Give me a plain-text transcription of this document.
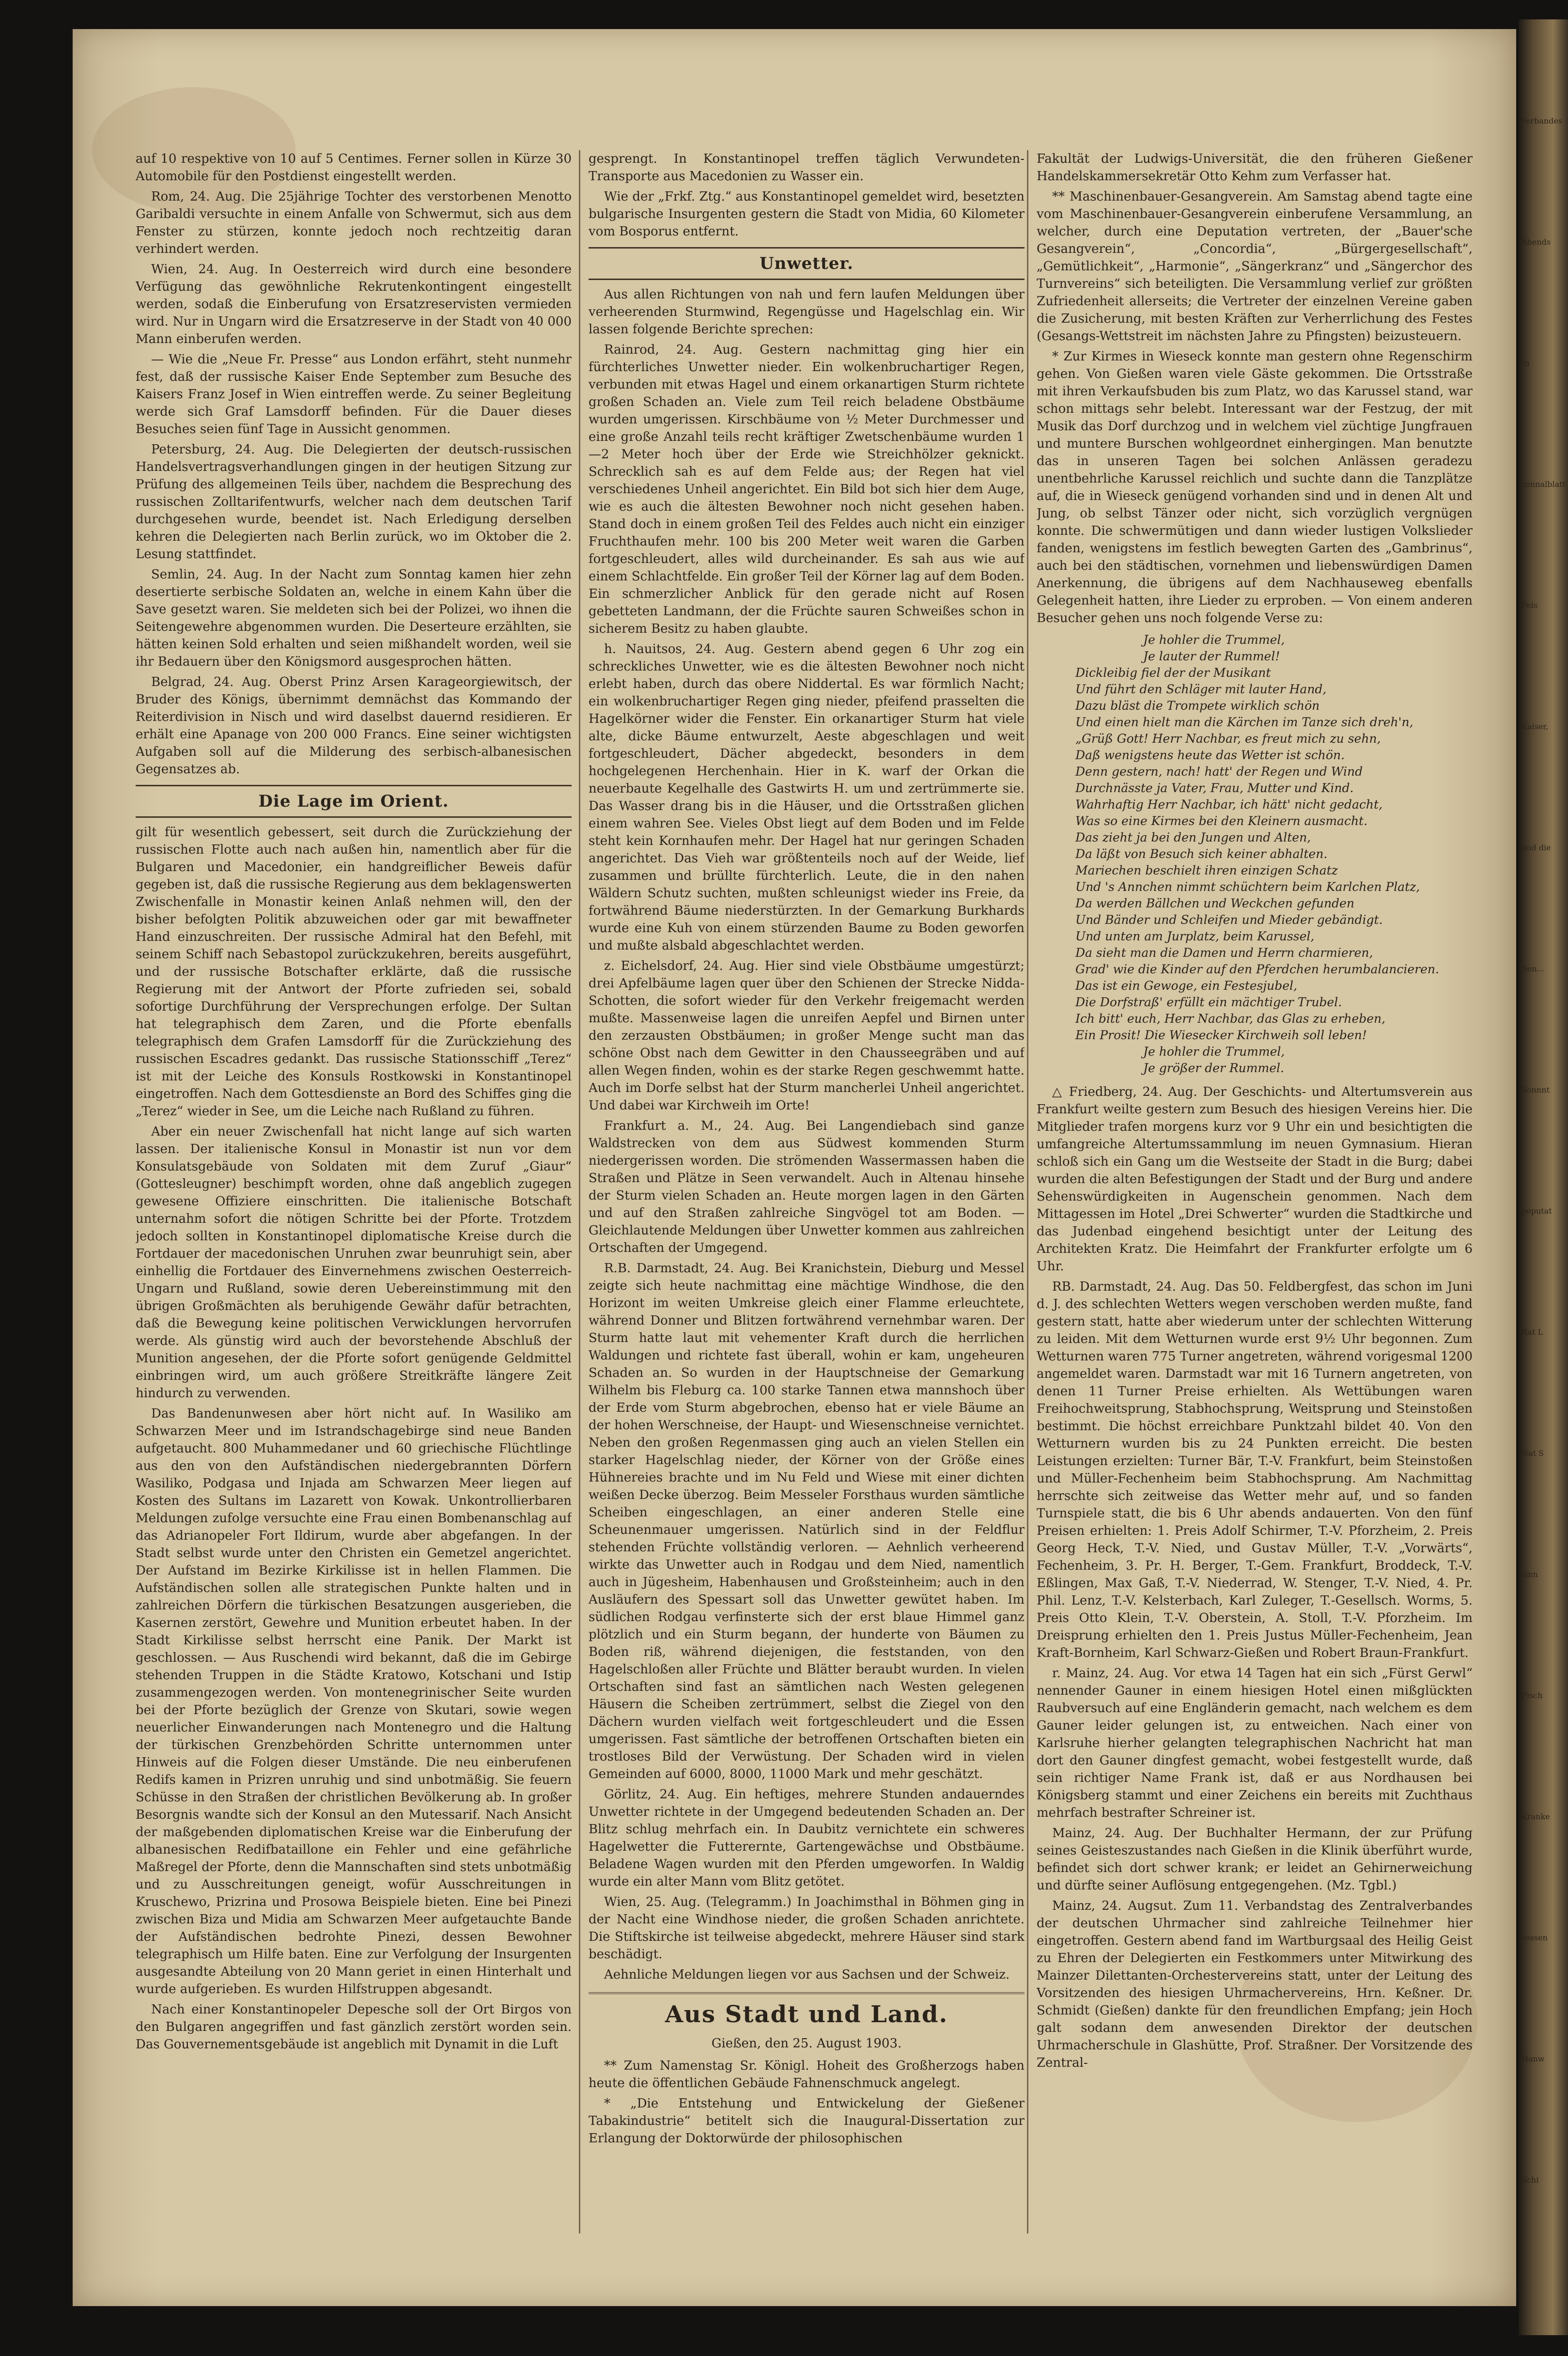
verbandes
Abends
In
zonnalblatt
Fels
Kaiser,
und die
Ben...
Sonnnt
peputat
Rat L
Nat S
sinn
Fisch
Kranke
sessen
Hanw
Schi

auf 10 respektive von 10 auf 5 Centimes. Ferner sollen in Kürze 30 Automobile für den Postdienst eingestellt werden.

Rom, 24. Aug. Die 25jährige Tochter des verstorbenen Menotto Garibaldi versuchte in einem Anfalle von Schwermut, sich aus dem Fenster zu stürzen, konnte jedoch noch rechtzeitig daran verhindert werden.

Wien, 24. Aug. In Oesterreich wird durch eine besondere Verfügung das gewöhnliche Rekrutenkontingent eingestellt werden, sodaß die Einberufung von Ersatzreservisten vermieden wird. Nur in Ungarn wird die Ersatzreserve in der Stadt von 40 000 Mann einberufen werden.

— Wie die „Neue Fr. Presse“ aus London erfährt, steht nunmehr fest, daß der russische Kaiser Ende September zum Besuche des Kaisers Franz Josef in Wien eintreffen werde. Zu seiner Begleitung werde sich Graf Lamsdorff befinden. Für die Dauer dieses Besuches seien fünf Tage in Aussicht genommen.

Petersburg, 24. Aug. Die Delegierten der deutsch-russischen Handelsvertragsverhandlungen gingen in der heutigen Sitzung zur Prüfung des allgemeinen Teils über, nachdem die Besprechung des russischen Zolltarifentwurfs, welcher nach dem deutschen Tarif durchgesehen wurde, beendet ist. Nach Erledigung derselben kehren die Delegierten nach Berlin zurück, wo im Oktober die 2. Lesung stattfindet.

Semlin, 24. Aug. In der Nacht zum Sonntag kamen hier zehn desertierte serbische Soldaten an, welche in einem Kahn über die Save gesetzt waren. Sie meldeten sich bei der Polizei, wo ihnen die Seitengewehre abgenommen wurden. Die Deserteure erzählten, sie hätten keinen Sold erhalten und seien mißhandelt worden, weil sie ihr Bedauern über den Königsmord ausgesprochen hätten.

Belgrad, 24. Aug. Oberst Prinz Arsen Karageorgiewitsch, der Bruder des Königs, übernimmt demnächst das Kommando der Reiterdivision in Nisch und wird daselbst dauernd residieren. Er erhält eine Apanage von 200 000 Francs. Eine seiner wichtigsten Aufgaben soll auf die Milderung des serbisch-albanesischen Gegensatzes ab.

Die Lage im Orient.

gilt für wesentlich gebessert, seit durch die Zurückziehung der russischen Flotte auch nach außen hin, namentlich aber für die Bulgaren und Macedonier, ein handgreiflicher Beweis dafür gegeben ist, daß die russische Regierung aus dem beklagenswerten Zwischenfalle in Monastir keinen Anlaß nehmen will, den der bisher befolgten Politik abzuweichen oder gar mit bewaffneter Hand einzuschreiten. Der russische Admiral hat den Befehl, mit seinem Schiff nach Sebastopol zurückzukehren, bereits ausgeführt, und der russische Botschafter erklärte, daß die russische Regierung mit der Antwort der Pforte zufrieden sei, sobald sofortige Durchführung der Versprechungen erfolge. Der Sultan hat telegraphisch dem Zaren, und die Pforte ebenfalls telegraphisch dem Grafen Lamsdorff für die Zurückziehung des russischen Escadres gedankt. Das russische Stationsschiff „Terez“ ist mit der Leiche des Konsuls Rostkowski in Konstantinopel eingetroffen. Nach dem Gottesdienste an Bord des Schiffes ging die „Terez“ wieder in See, um die Leiche nach Rußland zu führen.

Aber ein neuer Zwischenfall hat nicht lange auf sich warten lassen. Der italienische Konsul in Monastir ist nun vor dem Konsulatsgebäude von Soldaten mit dem Zuruf „Giaur“ (Gottesleugner) beschimpft worden, ohne daß angeblich zugegen gewesene Offiziere einschritten. Die italienische Botschaft unternahm sofort die nötigen Schritte bei der Pforte. Trotzdem jedoch sollten in Konstantinopel diplomatische Kreise durch die Fortdauer der macedonischen Unruhen zwar beunruhigt sein, aber einhellig die Fortdauer des Einvernehmens zwischen Oesterreich-Ungarn und Rußland, sowie deren Uebereinstimmung mit den übrigen Großmächten als beruhigende Gewähr dafür betrachten, daß die Bewegung keine politischen Verwicklungen hervorrufen werde. Als günstig wird auch der bevorstehende Abschluß der Munition angesehen, der die Pforte sofort genügende Geldmittel einbringen wird, um auch größere Streitkräfte längere Zeit hindurch zu verwenden.

Das Bandenunwesen aber hört nicht auf. In Wasiliko am Schwarzen Meer und im Istrandschagebirge sind neue Banden aufgetaucht. 800 Muhammedaner und 60 griechische Flüchtlinge aus den von den Aufständischen niedergebrannten Dörfern Wasiliko, Podgasa und Injada am Schwarzen Meer liegen auf Kosten des Sultans im Lazarett von Kowak. Unkontrollierbaren Meldungen zufolge versuchte eine Frau einen Bombenanschlag auf das Adrianopeler Fort Ildirum, wurde aber abgefangen. In der Stadt selbst wurde unter den Christen ein Gemetzel angerichtet. Der Aufstand im Bezirke Kirkilisse ist in hellen Flammen. Die Aufständischen sollen alle strategischen Punkte halten und in zahlreichen Dörfern die türkischen Besatzungen ausgerieben, die Kasernen zerstört, Gewehre und Munition erbeutet haben. In der Stadt Kirkilisse selbst herrscht eine Panik. Der Markt ist geschlossen. — Aus Ruschendi wird bekannt, daß die im Gebirge stehenden Truppen in die Städte Kratowo, Kotschani und Istip zusammengezogen werden. Von montenegrinischer Seite wurden bei der Pforte bezüglich der Grenze von Skutari, sowie wegen neuerlicher Einwanderungen nach Montenegro und die Haltung der türkischen Grenzbehörden Schritte unternommen unter Hinweis auf die Folgen dieser Umstände. Die neu einberufenen Redifs kamen in Prizren unruhig und sind unbotmäßig. Sie feuern Schüsse in den Straßen der christlichen Bevölkerung ab. In großer Besorgnis wandte sich der Konsul an den Mutessarif. Nach Ansicht der maßgebenden diplomatischen Kreise war die Einberufung der albanesischen Redifbataillone ein Fehler und eine gefährliche Maßregel der Pforte, denn die Mannschaften sind stets unbotmäßig und zu Ausschreitungen geneigt, wofür Ausschreitungen in Kruschewo, Prizrina und Prosowa Beispiele bieten. Eine bei Pinezi zwischen Biza und Midia am Schwarzen Meer aufgetauchte Bande der Aufständischen bedrohte Pinezi, dessen Bewohner telegraphisch um Hilfe baten. Eine zur Verfolgung der Insurgenten ausgesandte Abteilung von 20 Mann geriet in einen Hinterhalt und wurde aufgerieben. Es wurden Hilfstruppen abgesandt.

Nach einer Konstantinopeler Depesche soll der Ort Birgos von den Bulgaren angegriffen und fast gänzlich zerstört worden sein. Das Gouvernementsgebäude ist angeblich mit Dynamit in die Luft

gesprengt. In Konstantinopel treffen täglich Verwundeten-Transporte aus Macedonien zu Wasser ein.

Wie der „Frkf. Ztg.“ aus Konstantinopel gemeldet wird, besetzten bulgarische Insurgenten gestern die Stadt von Midia, 60 Kilometer vom Bosporus entfernt.

Unwetter.

Aus allen Richtungen von nah und fern laufen Meldungen über verheerenden Sturmwind, Regengüsse und Hagelschlag ein. Wir lassen folgende Berichte sprechen:

Rainrod, 24. Aug. Gestern nachmittag ging hier ein fürchterliches Unwetter nieder. Ein wolkenbruchartiger Regen, verbunden mit etwas Hagel und einem orkanartigen Sturm richtete großen Schaden an. Viele zum Teil reich beladene Obstbäume wurden umgerissen. Kirschbäume von ½ Meter Durchmesser und eine große Anzahl teils recht kräftiger Zwetschenbäume wurden 1—2 Meter hoch über der Erde wie Streichhölzer geknickt. Schrecklich sah es auf dem Felde aus; der Regen hat viel verschiedenes Unheil angerichtet. Ein Bild bot sich hier dem Auge, wie es auch die ältesten Bewohner noch nicht gesehen haben. Stand doch in einem großen Teil des Feldes auch nicht ein einziger Fruchthaufen mehr. 100 bis 200 Meter weit waren die Garben fortgeschleudert, alles wild durcheinander. Es sah aus wie auf einem Schlachtfelde. Ein großer Teil der Körner lag auf dem Boden. Ein schmerzlicher Anblick für den gerade nicht auf Rosen gebetteten Landmann, der die Früchte sauren Schweißes schon in sicherem Besitz zu haben glaubte.

h. Nauitsos, 24. Aug. Gestern abend gegen 6 Uhr zog ein schreckliches Unwetter, wie es die ältesten Bewohner noch nicht erlebt haben, durch das obere Niddertal. Es war förmlich Nacht; ein wolkenbruchartiger Regen ging nieder, pfeifend prasselten die Hagelkörner wider die Fenster. Ein orkanartiger Sturm hat viele alte, dicke Bäume entwurzelt, Aeste abgeschlagen und weit fortgeschleudert, Dächer abgedeckt, besonders in dem hochgelegenen Herchenhain. Hier in K. warf der Orkan die neuerbaute Kegelhalle des Gastwirts H. um und zertrümmerte sie. Das Wasser drang bis in die Häuser, und die Ortsstraßen glichen einem wahren See. Vieles Obst liegt auf dem Boden und im Felde steht kein Kornhaufen mehr. Der Hagel hat nur geringen Schaden angerichtet. Das Vieh war größtenteils noch auf der Weide, lief zusammen und brüllte fürchterlich. Leute, die in den nahen Wäldern Schutz suchten, mußten schleunigst wieder ins Freie, da fortwährend Bäume niederstürzten. In der Gemarkung Burkhards wurde eine Kuh von einem stürzenden Baume zu Boden geworfen und mußte alsbald abgeschlachtet werden.

z. Eichelsdorf, 24. Aug. Hier sind viele Obstbäume umgestürzt; drei Apfelbäume lagen quer über den Schienen der Strecke Nidda-Schotten, die sofort wieder für den Verkehr freigemacht werden mußte. Massenweise lagen die unreifen Aepfel und Birnen unter den zerzausten Obstbäumen; in großer Menge sucht man das schöne Obst nach dem Gewitter in den Chausseegräben und auf allen Wegen finden, wohin es der starke Regen geschwemmt hatte. Auch im Dorfe selbst hat der Sturm mancherlei Unheil angerichtet. Und dabei war Kirchweih im Orte!

Frankfurt a. M., 24. Aug. Bei Langendiebach sind ganze Waldstrecken von dem aus Südwest kommenden Sturm niedergerissen worden. Die strömenden Wassermassen haben die Straßen und Plätze in Seen verwandelt. Auch in Altenau hinsehe der Sturm vielen Schaden an. Heute morgen lagen in den Gärten und auf den Straßen zahlreiche Singvögel tot am Boden. — Gleichlautende Meldungen über Unwetter kommen aus zahlreichen Ortschaften der Umgegend.

R.B. Darmstadt, 24. Aug. Bei Kranichstein, Dieburg und Messel zeigte sich heute nachmittag eine mächtige Windhose, die den Horizont im weiten Umkreise gleich einer Flamme erleuchtete, während Donner und Blitzen fortwährend vernehmbar waren. Der Sturm hatte laut mit vehementer Kraft durch die herrlichen Waldungen und richtete fast überall, wohin er kam, ungeheuren Schaden an. So wurden in der Hauptschneise der Gemarkung Wilhelm bis Fleburg ca. 100 starke Tannen etwa mannshoch über der Erde vom Sturm abgebrochen, ebenso hat er viele Bäume an der hohen Werschneise, der Haupt- und Wiesenschneise vernichtet. Neben den großen Regenmassen ging auch an vielen Stellen ein starker Hagelschlag nieder, der Körner von der Größe eines Hühnereies brachte und im Nu Feld und Wiese mit einer dichten weißen Decke überzog. Beim Messeler Forsthaus wurden sämtliche Scheiben eingeschlagen, an einer anderen Stelle eine Scheunenmauer umgerissen. Natürlich sind in der Feldflur stehenden Früchte vollständig verloren. — Aehnlich verheerend wirkte das Unwetter auch in Rodgau und dem Nied, namentlich auch in Jügesheim, Habenhausen und Großsteinheim; auch in den Ausläufern des Spessart soll das Unwetter gewütet haben. Im südlichen Rodgau verfinsterte sich der erst blaue Himmel ganz plötzlich und ein Sturm begann, der hunderte von Bäumen zu Boden riß, während diejenigen, die feststanden, von den Hagelschloßen aller Früchte und Blätter beraubt wurden. In vielen Ortschaften sind fast an sämtlichen nach Westen gelegenen Häusern die Scheiben zertrümmert, selbst die Ziegel von den Dächern wurden vielfach weit fortgeschleudert und die Essen umgerissen. Fast sämtliche der betroffenen Ortschaften bieten ein trostloses Bild der Verwüstung. Der Schaden wird in vielen Gemeinden auf 6000, 8000, 11000 Mark und mehr geschätzt.

Görlitz, 24. Aug. Ein heftiges, mehrere Stunden andauerndes Unwetter richtete in der Umgegend bedeutenden Schaden an. Der Blitz schlug mehrfach ein. In Daubitz vernichtete ein schweres Hagelwetter die Futterernte, Gartengewächse und Obstbäume. Beladene Wagen wurden mit den Pferden umgeworfen. In Waldig wurde ein alter Mann vom Blitz getötet.

Wien, 25. Aug. (Telegramm.) In Joachimsthal in Böhmen ging in der Nacht eine Windhose nieder, die großen Schaden anrichtete. Die Stiftskirche ist teilweise abgedeckt, mehrere Häuser sind stark beschädigt.

Aehnliche Meldungen liegen vor aus Sachsen und der Schweiz.

Aus Stadt und Land.
Gießen, den 25. August 1903.

** Zum Namenstag Sr. Königl. Hoheit des Großherzogs haben heute die öffentlichen Gebäude Fahnenschmuck angelegt.

* „Die Entstehung und Entwickelung der Gießener Tabakindustrie“ betitelt sich die Inaugural-Dissertation zur Erlangung der Doktorwürde der philosophischen

Fakultät der Ludwigs-Universität, die den früheren Gießener Handelskammersekretär Otto Kehm zum Verfasser hat.

** Maschinenbauer-Gesangverein. Am Samstag abend tagte eine vom Maschinenbauer-Gesangverein einberufene Versammlung, an welcher, durch eine Deputation vertreten, der „Bauer'sche Gesangverein“, „Concordia“, „Bürgergesellschaft“, „Gemütlichkeit“, „Harmonie“, „Sängerkranz“ und „Sängerchor des Turnvereins“ sich beteiligten. Die Versammlung verlief zur größten Zufriedenheit allerseits; die Vertreter der einzelnen Vereine gaben die Zusicherung, mit besten Kräften zur Verherrlichung des Festes (Gesangs-Wettstreit im nächsten Jahre zu Pfingsten) beizusteuern.

* Zur Kirmes in Wieseck konnte man gestern ohne Regenschirm gehen. Von Gießen waren viele Gäste gekommen. Die Ortsstraße mit ihren Verkaufsbuden bis zum Platz, wo das Karussel stand, war schon mittags sehr belebt. Interessant war der Festzug, der mit Musik das Dorf durchzog und in welchem viel züchtige Jungfrauen und muntere Burschen wohlgeordnet einhergingen. Man benutzte das in unseren Tagen bei solchen Anlässen geradezu unentbehrliche Karussel reichlich und suchte dann die Tanzplätze auf, die in Wieseck genügend vorhanden sind und in denen Alt und Jung, ob selbst Tänzer oder nicht, sich vorzüglich vergnügen konnte. Die schwermütigen und dann wieder lustigen Volkslieder fanden, wenigstens im festlich bewegten Garten des „Gambrinus“, auch bei den städtischen, vornehmen und liebenswürdigen Damen Anerkennung, die übrigens auf dem Nachhauseweg ebenfalls Gelegenheit hatten, ihre Lieder zu erproben. — Von einem anderen Besucher gehen uns noch folgende Verse zu:

Je hohler die Trummel,
Je lauter der Rummel!
Dickleibig fiel der der Musikant
Und führt den Schläger mit lauter Hand,
Dazu bläst die Trompete wirklich schön
Und einen hielt man die Kärchen im Tanze sich dreh'n,
„Grüß Gott! Herr Nachbar, es freut mich zu sehn,
Daß wenigstens heute das Wetter ist schön.
Denn gestern, nach! hatt' der Regen und Wind
Durchnässte ja Vater, Frau, Mutter und Kind.
Wahrhaftig Herr Nachbar, ich hätt' nicht gedacht,
Was so eine Kirmes bei den Kleinern ausmacht.
Das zieht ja bei den Jungen und Alten,
Da läßt von Besuch sich keiner abhalten.
Mariechen beschielt ihren einzigen Schatz
Und 's Annchen nimmt schüchtern beim Karlchen Platz,
Da werden Bällchen und Weckchen gefunden
Und Bänder und Schleifen und Mieder gebändigt.
Und unten am Jurplatz, beim Karussel,
Da sieht man die Damen und Herrn charmieren,
Grad' wie die Kinder auf den Pferdchen herumbalancieren.
Das ist ein Gewoge, ein Festesjubel,
Die Dorfstraß' erfüllt ein mächtiger Trubel.
Ich bitt' euch, Herr Nachbar, das Glas zu erheben,
Ein Prosit! Die Wiesecker Kirchweih soll leben!
Je hohler die Trummel,
Je größer der Rummel.

△ Friedberg, 24. Aug. Der Geschichts- und Altertumsverein aus Frankfurt weilte gestern zum Besuch des hiesigen Vereins hier. Die Mitglieder trafen morgens kurz vor 9 Uhr ein und besichtigten die umfangreiche Altertumssammlung im neuen Gymnasium. Hieran schloß sich ein Gang um die Westseite der Stadt in die Burg; dabei wurden die alten Befestigungen der Stadt und der Burg und andere Sehenswürdigkeiten in Augenschein genommen. Nach dem Mittagessen im Hotel „Drei Schwerter“ wurden die Stadtkirche und das Judenbad eingehend besichtigt unter der Leitung des Architekten Kratz. Die Heimfahrt der Frankfurter erfolgte um 6 Uhr.

RB. Darmstadt, 24. Aug. Das 50. Feldbergfest, das schon im Juni d. J. des schlechten Wetters wegen verschoben werden mußte, fand gestern statt, hatte aber wiederum unter der schlechten Witterung zu leiden. Mit dem Wetturnen wurde erst 9½ Uhr begonnen. Zum Wetturnen waren 775 Turner angetreten, während vorigesmal 1200 angemeldet waren. Darmstadt war mit 16 Turnern angetreten, von denen 11 Turner Preise erhielten. Als Wettübungen waren Freihochweitsprung, Stabhochsprung, Weitsprung und Steinstoßen bestimmt. Die höchst erreichbare Punktzahl bildet 40. Von den Wetturnern wurden bis zu 24 Punkten erreicht. Die besten Leistungen erzielten: Turner Bär, T.-V. Frankfurt, beim Steinstoßen und Müller-Fechenheim beim Stabhochsprung. Am Nachmittag herrschte sich zeitweise das Wetter mehr auf, und so fanden Turnspiele statt, die bis 6 Uhr abends andauerten. Von den fünf Preisen erhielten: 1. Preis Adolf Schirmer, T.-V. Pforzheim, 2. Preis Georg Heck, T.-V. Nied, und Gustav Müller, T.-V. „Vorwärts“, Fechenheim, 3. Pr. H. Berger, T.-Gem. Frankfurt, Broddeck, T.-V. Eßlingen, Max Gaß, T.-V. Niederrad, W. Stenger, T.-V. Nied, 4. Pr. Phil. Lenz, T.-V. Kelsterbach, Karl Zuleger, T.-Gesellsch. Worms, 5. Preis Otto Klein, T.-V. Oberstein, A. Stoll, T.-V. Pforzheim. Im Dreisprung erhielten den 1. Preis Justus Müller-Fechenheim, Jean Kraft-Bornheim, Karl Schwarz-Gießen und Robert Braun-Frankfurt.

r. Mainz, 24. Aug. Vor etwa 14 Tagen hat ein sich „Fürst Gerwl“ nennender Gauner in einem hiesigen Hotel einen mißglückten Raubversuch auf eine Engländerin gemacht, nach welchem es dem Gauner leider gelungen ist, zu entweichen. Nach einer von Karlsruhe hierher gelangten telegraphischen Nachricht hat man dort den Gauner dingfest gemacht, wobei festgestellt wurde, daß sein richtiger Name Frank ist, daß er aus Nordhausen bei Königsberg stammt und einer Zeichens ein bereits mit Zuchthaus mehrfach bestrafter Schreiner ist.

Mainz, 24. Aug. Der Buchhalter Hermann, der zur Prüfung seines Geisteszustandes nach Gießen in die Klinik überführt wurde, befindet sich dort schwer krank; er leidet an Gehirnerweichung und dürfte seiner Auflösung entgegengehen. (Mz. Tgbl.)

Mainz, 24. Augsut. Zum 11. Verbandstag des Zentralverbandes der deutschen Uhrmacher sind zahlreiche Teilnehmer hier eingetroffen. Gestern abend fand im Wartburgsaal des Heilig Geist zu Ehren der Delegierten ein Festkommers unter Mitwirkung des Mainzer Dilettanten-Orchestervereins statt, unter der Leitung des Vorsitzenden des hiesigen Uhrmachervereins, Hrn. Keßner. Dr. Schmidt (Gießen) dankte für den freundlichen Empfang; jein Hoch galt sodann dem anwesenden Direktor der deutschen Uhrmacherschule in Glashütte, Prof. Straßner. Der Vorsitzende des Zentral-
